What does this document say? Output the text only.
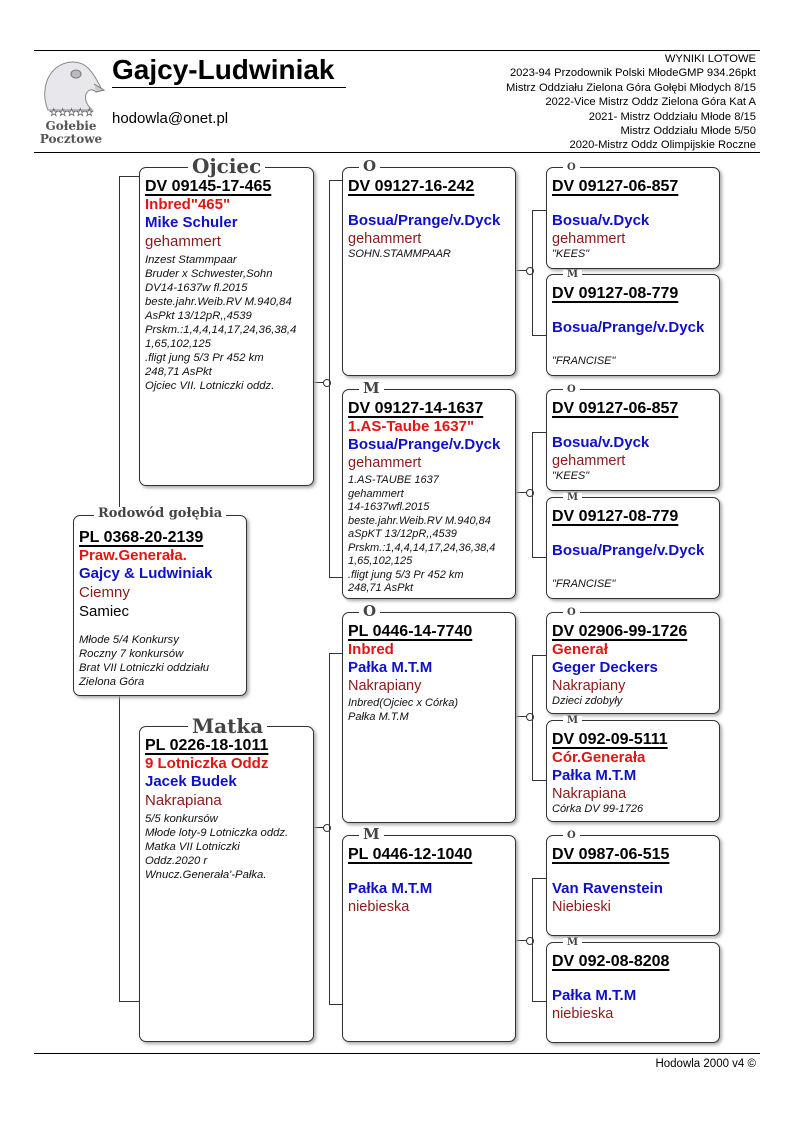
☆☆☆☆☆
Gołebie
Pocztowe
Gajcy-Ludwiniak
hodowla@onet.pl
WYNIKI LOTOWE
2023-94 Przodownik Polski MłodeGMP 934.26pkt
Mistrz Oddziału Zielona Góra Gołębi Młodych 8/15
2022-Vice Mistrz Oddz Zielona Góra Kat A
2021- Mistrz Oddziału Młode 8/15
Mistrz Oddziału Młode 5/50
2020-Mistrz Oddz Olimpijskie Roczne
PL 0368-20-2139
Praw.Generała.
Gajcy & Ludwiniak
Ciemny
Samiec
Młode 5/4 Konkursy
Roczny 7 konkursów
Brat VII Lotniczki oddziału
Zielona Góra
Rodowód gołębia
DV 09145-17-465
Inbred"465"
Mike Schuler
gehammert
Inzest Stammpaar
Bruder x Schwester,Sohn
DV14-1637w fl.2015
beste.jahr.Weib.RV M.940,84
AsPkt 13/12pR,,4539
Prskm.:1,4,4,14,17,24,36,38,4
1,65,102,125
.fligt jung 5/3 Pr 452 km
248,71 AsPkt
Ojciec VII. Lotniczki oddz.
Ojciec
PL 0226-18-1011
9 Lotniczka Oddz
Jacek Budek
Nakrapiana
5/5 konkursów
Młode loty-9 Lotniczka oddz.
Matka VII Lotniczki
Oddz.2020 r
Wnucz.Generała'-Pałka.
Matka
DV 09127-16-242
Bosua/Prange/v.Dyck
gehammert
SOHN.STAMMPAAR
O
DV 09127-14-1637
1.AS-Taube 1637"
Bosua/Prange/v.Dyck
gehammert
1.AS-TAUBE 1637
gehammert
14-1637wfl.2015
beste.jahr.Weib.RV M.940,84
aSpKT 13/12pR,,4539
Prskm.:1,4,4,14,17,24,36,38,4
1,65,102,125
.fligt jung 5/3 Pr 452 km
248,71 AsPkt
M
PL 0446-14-7740
Inbred
Pałka M.T.M
Nakrapiany
Inbred(Ojciec x Córka)
Pałka M.T.M
O
PL 0446-12-1040
Pałka M.T.M
niebieska
M
DV 09127-06-857
Bosua/v.Dyck
gehammert
"KEES"
O
DV 09127-08-779
Bosua/Prange/v.Dyck
"FRANCISE"
M
DV 09127-06-857
Bosua/v.Dyck
gehammert
"KEES"
O
DV 09127-08-779
Bosua/Prange/v.Dyck
"FRANCISE"
M
DV 02906-99-1726
Generał
Geger Deckers
Nakrapiany
Dzieci zdobyły
O
DV 092-09-5111
Cór.Generała
Pałka M.T.M
Nakrapiana
Córka DV 99-1726
M
DV 0987-06-515
Van Ravenstein
Niebieski
O
DV 092-08-8208
Pałka M.T.M
niebieska
M
Hodowla 2000 v4 ©
